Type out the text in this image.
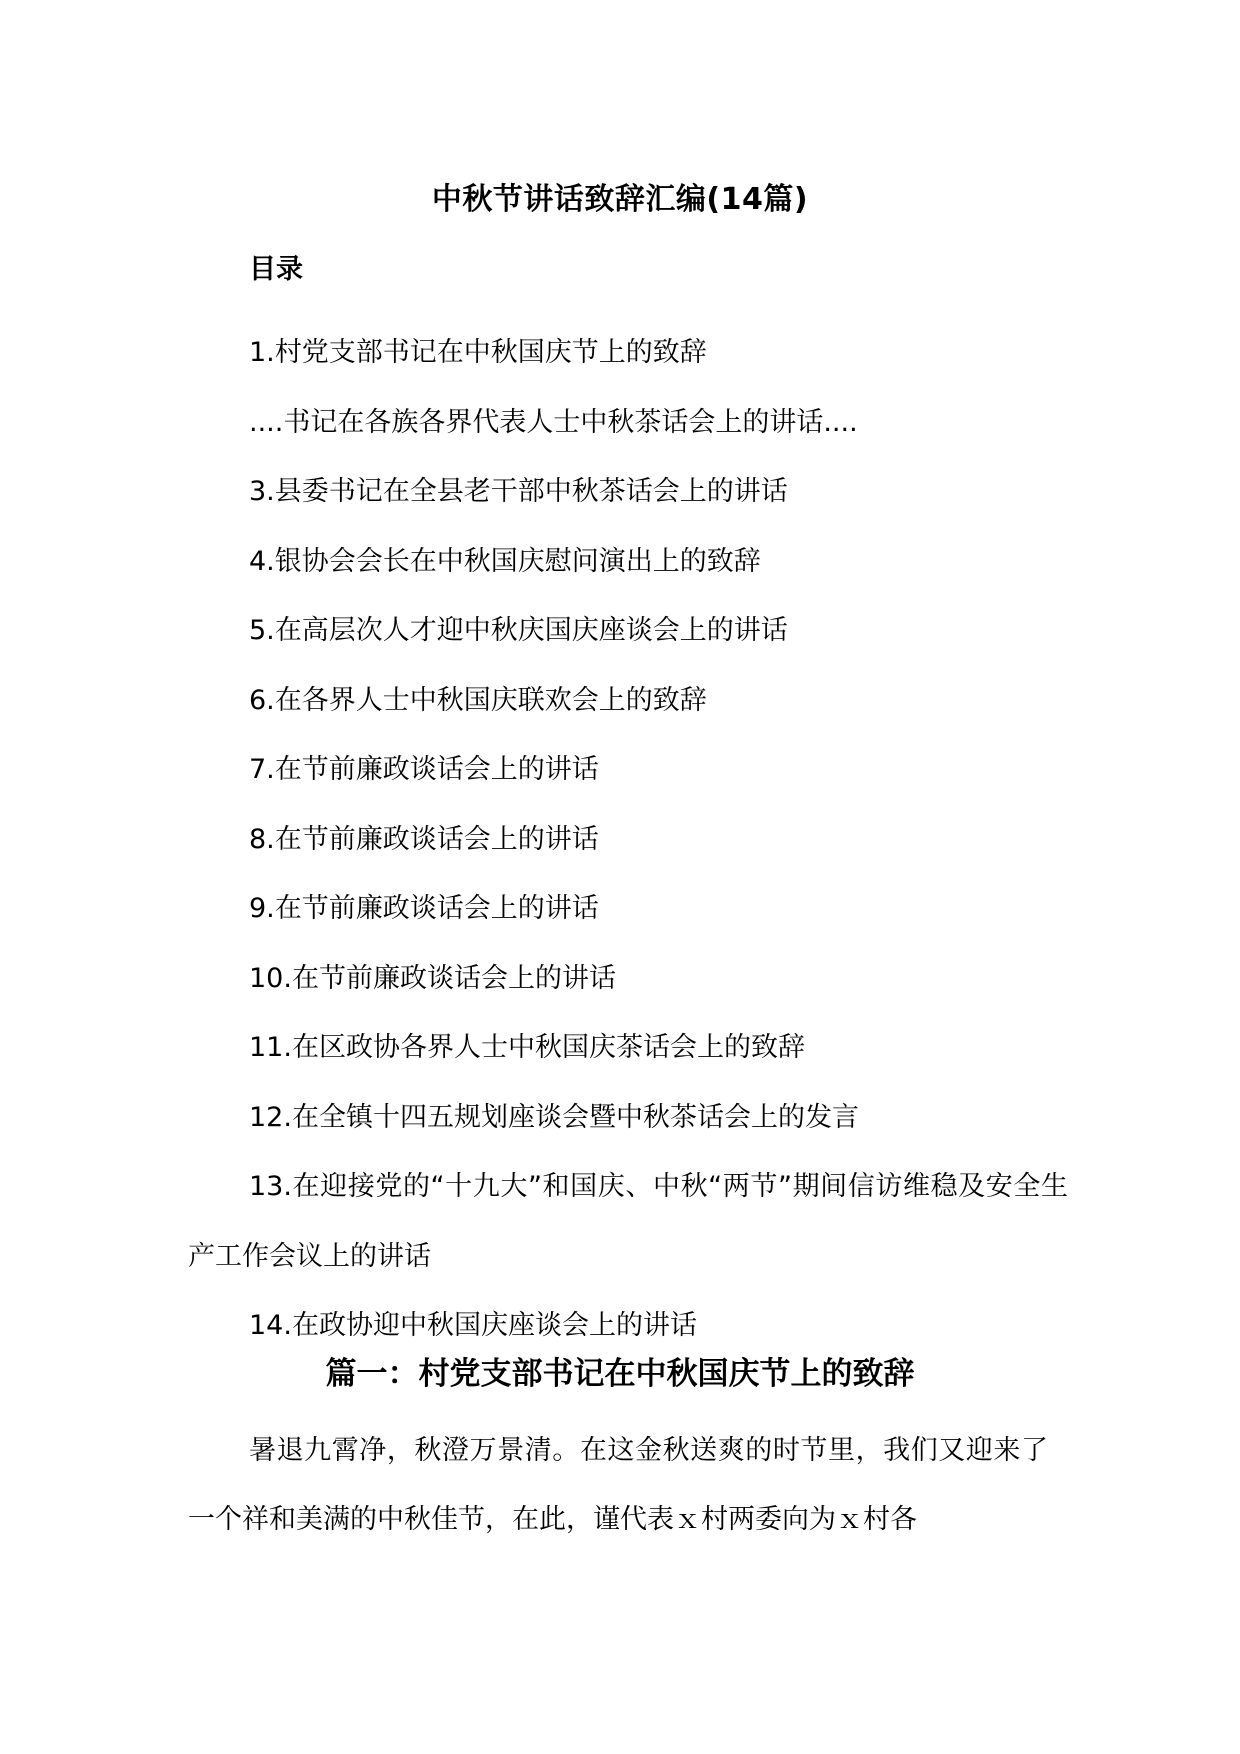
中秋节讲话致辞汇编(14篇)
目录
1.村党支部书记在中秋国庆节上的致辞
....书记在各族各界代表人士中秋茶话会上的讲话....
3.县委书记在全县老干部中秋茶话会上的讲话
4.银协会会长在中秋国庆慰问演出上的致辞
5.在高层次人才迎中秋庆国庆座谈会上的讲话
6.在各界人士中秋国庆联欢会上的致辞
7.在节前廉政谈话会上的讲话
8.在节前廉政谈话会上的讲话
9.在节前廉政谈话会上的讲话
10.在节前廉政谈话会上的讲话
11.在区政协各界人士中秋国庆茶话会上的致辞
12.在全镇十四五规划座谈会暨中秋茶话会上的发言
13.在迎接党的“十九大”和国庆、中秋“两节”期间信访维稳及安全生产工作会议上的讲话
14.在政协迎中秋国庆座谈会上的讲话
篇一：村党支部书记在中秋国庆节上的致辞

暑退九霄净，秋澄万景清。在这金秋送爽的时节里，我们又迎来了一个祥和美满的中秋佳节，在此，谨代表ｘ村两委向为ｘ村各
